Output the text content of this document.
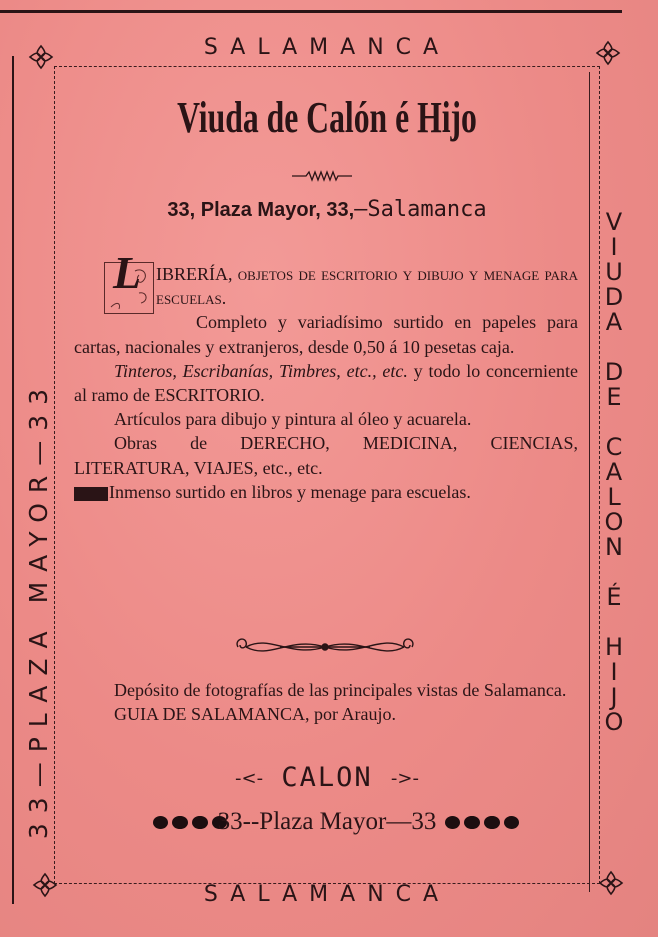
SALAMANCA
33—PLAZA MAYOR—33	VIUDA DE CALON É HIJO
Viuda de Calón é Hijo
33, Plaza Mayor, 33,—Salamanca
L IBRERÍA, objetos de escritorio y dibujo y menage para escuelas.

Completo y variadísimo surtido en papeles para cartas, nacionales y extranjeros, desde 0,50 á 10 pesetas caja.

Tinteros, Escribanías, Timbres, etc., etc. y todo lo concerniente al ramo de ESCRITORIO.

Artículos para dibujo y pintura al óleo y acuarela.

Obras de DERECHO, MEDICINA, CIENCIAS, LITERATURA, VIAJES, etc., etc.

Inmenso surtido en libros y menage para escuelas.

Depósito de fotografías de las principales vistas de Salamanca.

GUIA DE SALAMANCA, por Araujo.

-<- CALON ->-
33--Plaza Mayor—33
SALAMANCA
